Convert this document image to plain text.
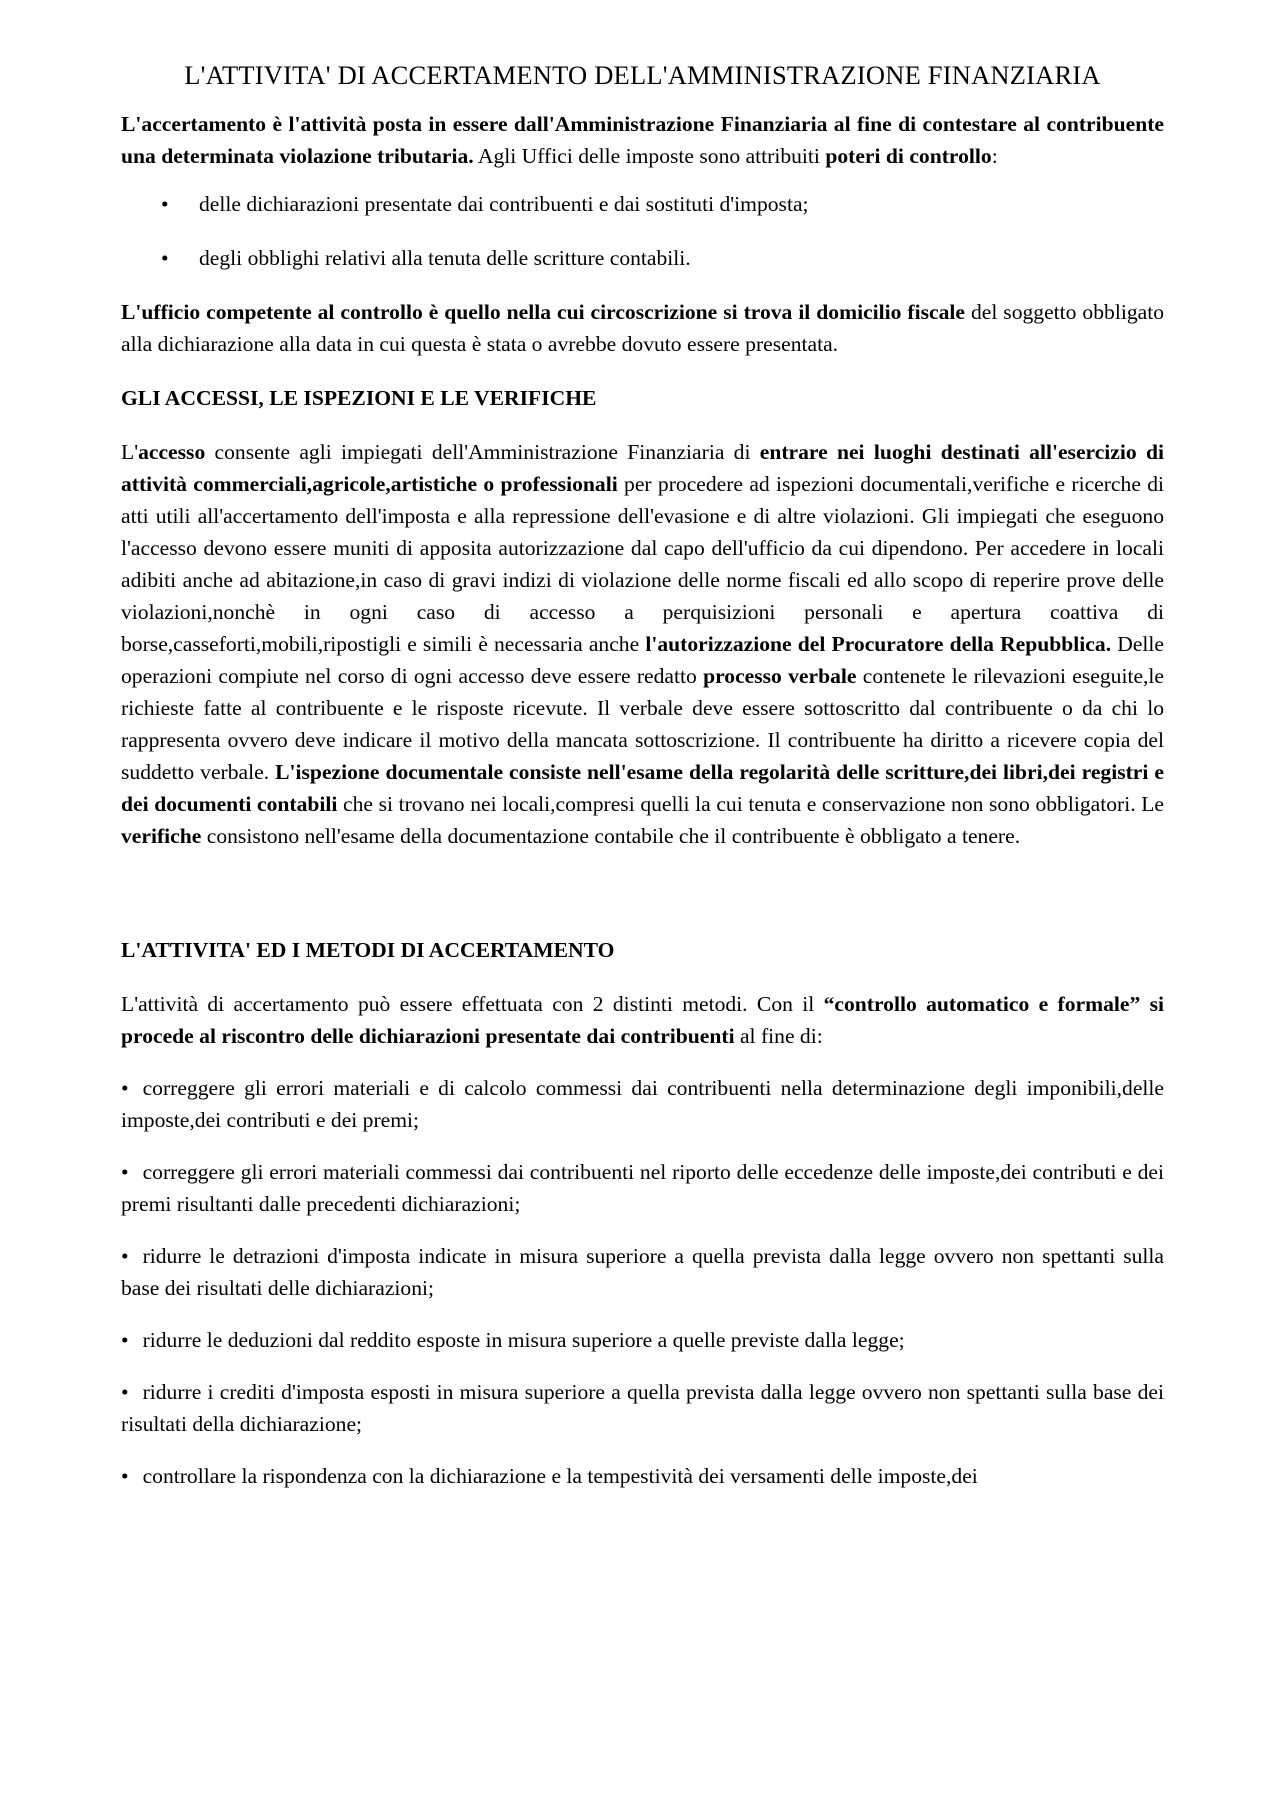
L'ATTIVITA' DI ACCERTAMENTO DELL'AMMINISTRAZIONE FINANZIARIA

L'accertamento è l'attività posta in essere dall'Amministrazione Finanziaria al fine di contestare al contribuente una determinata violazione tributaria. Agli Uffici delle imposte sono attribuiti poteri di controllo:

• delle dichiarazioni presentate dai contribuenti e dai sostituti d'imposta;
• degli obblighi relativi alla tenuta delle scritture contabili.

L'ufficio competente al controllo è quello nella cui circoscrizione si trova il domicilio fiscale del soggetto obbligato alla dichiarazione alla data in cui questa è stata o avrebbe dovuto essere presentata.

GLI ACCESSI, LE ISPEZIONI E LE VERIFICHE

L'accesso consente agli impiegati dell'Amministrazione Finanziaria di entrare nei luoghi destinati all'esercizio di attività commerciali,agricole,artistiche o professionali per procedere ad ispezioni documentali,verifiche e ricerche di atti utili all'accertamento dell'imposta e alla repressione dell'evasione e di altre violazioni. Gli impiegati che eseguono l'accesso devono essere muniti di apposita autorizzazione dal capo dell'ufficio da cui dipendono. Per accedere in locali adibiti anche ad abitazione,in caso di gravi indizi di violazione delle norme fiscali ed allo scopo di reperire prove delle violazioni,nonchè in ogni caso di accesso a perquisizioni personali e apertura coattiva di borse,casseforti,mobili,ripostigli e simili è necessaria anche l'autorizzazione del Procuratore della Repubblica. Delle operazioni compiute nel corso di ogni accesso deve essere redatto processo verbale contenete le rilevazioni eseguite,le richieste fatte al contribuente e le risposte ricevute. Il verbale deve essere sottoscritto dal contribuente o da chi lo rappresenta ovvero deve indicare il motivo della mancata sottoscrizione. Il contribuente ha diritto a ricevere copia del suddetto verbale. L'ispezione documentale consiste nell'esame della regolarità delle scritture,dei libri,dei registri e dei documenti contabili che si trovano nei locali,compresi quelli la cui tenuta e conservazione non sono obbligatori. Le verifiche consistono nell'esame della documentazione contabile che il contribuente è obbligato a tenere.

L'ATTIVITA' ED I METODI DI ACCERTAMENTO

L'attività di accertamento può essere effettuata con 2 distinti metodi. Con il “controllo automatico e formale” si procede al riscontro delle dichiarazioni presentate dai contribuenti al fine di:

• correggere gli errori materiali e di calcolo commessi dai contribuenti nella determinazione degli imponibili,delle imposte,dei contributi e dei premi;

• correggere gli errori materiali commessi dai contribuenti nel riporto delle eccedenze delle imposte,dei contributi e dei premi risultanti dalle precedenti dichiarazioni;

• ridurre le detrazioni d'imposta indicate in misura superiore a quella prevista dalla legge ovvero non spettanti sulla base dei risultati delle dichiarazioni;

• ridurre le deduzioni dal reddito esposte in misura superiore a quelle previste dalla legge;

• ridurre i crediti d'imposta esposti in misura superiore a quella prevista dalla legge ovvero non spettanti sulla base dei risultati della dichiarazione;

• controllare la rispondenza con la dichiarazione e la tempestività dei versamenti delle imposte,dei
